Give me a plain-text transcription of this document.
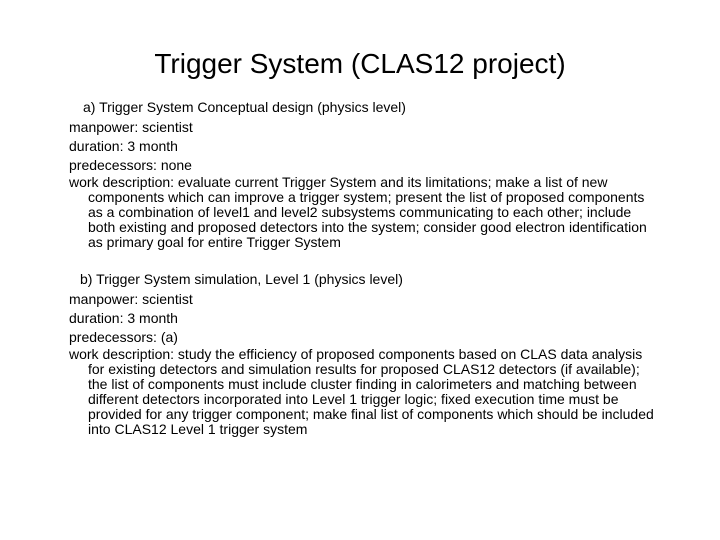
Trigger System (CLAS12 project)
a) Trigger System Conceptual design (physics level)
manpower: scientist
duration: 3 month
predecessors: none
work description: evaluate current Trigger System and its limitations; make a list of new
components which can improve a trigger system; present the list of proposed components
as a combination of level1 and level2 subsystems communicating to each other; include
both existing and proposed detectors into the system; consider good electron identification
as primary goal for entire Trigger System
b) Trigger System simulation, Level 1 (physics level)
manpower: scientist
duration: 3 month
predecessors: (a)
work description: study the efficiency of proposed components based on CLAS data analysis
for existing detectors and simulation results for proposed CLAS12 detectors (if available);
the list of components must include cluster finding in calorimeters and matching between
different detectors incorporated into Level 1 trigger logic; fixed execution time must be
provided for any trigger component; make final list of components which should be included
into CLAS12 Level 1 trigger system
